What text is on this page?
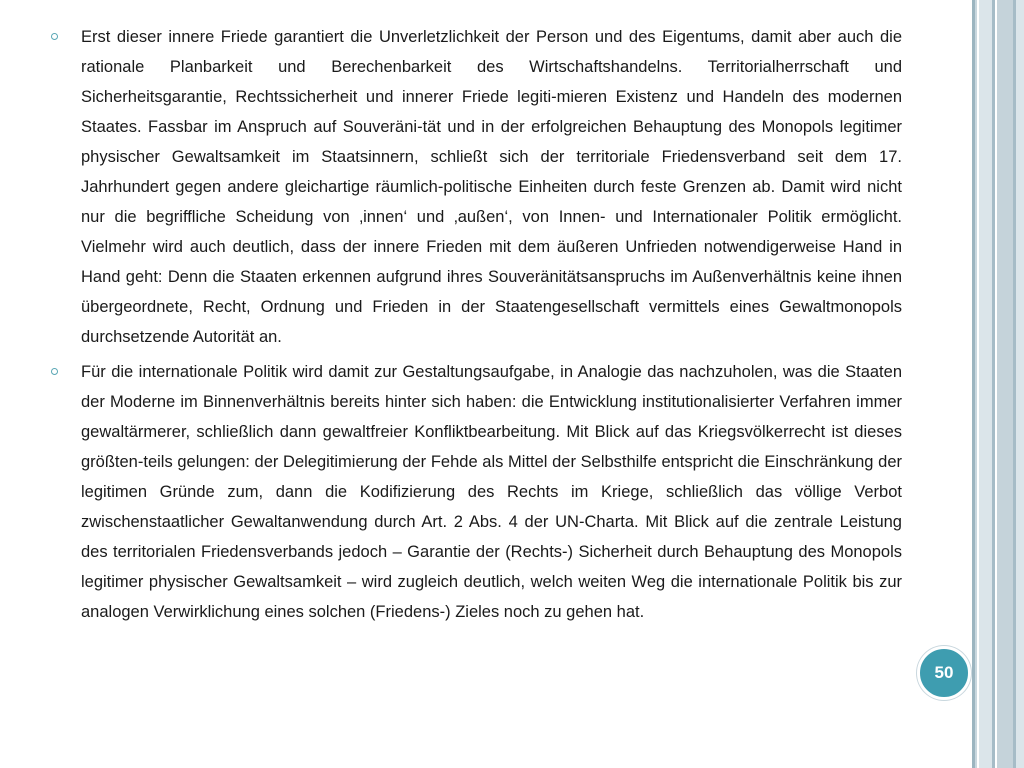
Erst dieser innere Friede garantiert die Unverletzlichkeit der Person und des Eigentums, damit aber auch die rationale Planbarkeit und Berechenbarkeit des Wirtschaftshandelns. Territorialherrschaft und Sicherheitsgarantie, Rechtssicherheit und innerer Friede legiti-mieren Existenz und Handeln des modernen Staates. Fassbar im Anspruch auf Souveräni-tät und in der erfolgreichen Behauptung des Monopols legitimer physischer Gewaltsamkeit im Staatsinnern, schließt sich der territoriale Friedensverband seit dem 17. Jahrhundert gegen andere gleichartige räumlich-politische Einheiten durch feste Grenzen ab. Damit wird nicht nur die begriffliche Scheidung von ‚innen‘ und ‚außen‘, von Innen- und Internationaler Politik ermöglicht. Vielmehr wird auch deutlich, dass der innere Frieden mit dem äußeren Unfrieden notwendigerweise Hand in Hand geht: Denn die Staaten erkennen aufgrund ihres Souveränitätsanspruchs im Außenverhältnis keine ihnen übergeordnete, Recht, Ordnung und Frieden in der Staatengesellschaft vermittels eines Gewaltmonopols durchsetzende Autorität an.
Für die internationale Politik wird damit zur Gestaltungsaufgabe, in Analogie das nachzuholen, was die Staaten der Moderne im Binnenverhältnis bereits hinter sich haben: die Entwicklung institutionalisierter Verfahren immer gewaltärmerer, schließlich dann gewaltfreier Konfliktbearbeitung. Mit Blick auf das Kriegsvölkerrecht ist dieses größten-teils gelungen: der Delegitimierung der Fehde als Mittel der Selbsthilfe entspricht die Einschränkung der legitimen Gründe zum, dann die Kodifizierung des Rechts im Kriege, schließlich das völlige Verbot zwischenstaatlicher Gewaltanwendung durch Art. 2 Abs. 4 der UN-Charta. Mit Blick auf die zentrale Leistung des territorialen Friedensverbands jedoch – Garantie der (Rechts-) Sicherheit durch Behauptung des Monopols legitimer physischer Gewaltsamkeit – wird zugleich deutlich, welch weiten Weg die internationale Politik bis zur analogen Verwirklichung eines solchen (Friedens-) Zieles noch zu gehen hat.
50
